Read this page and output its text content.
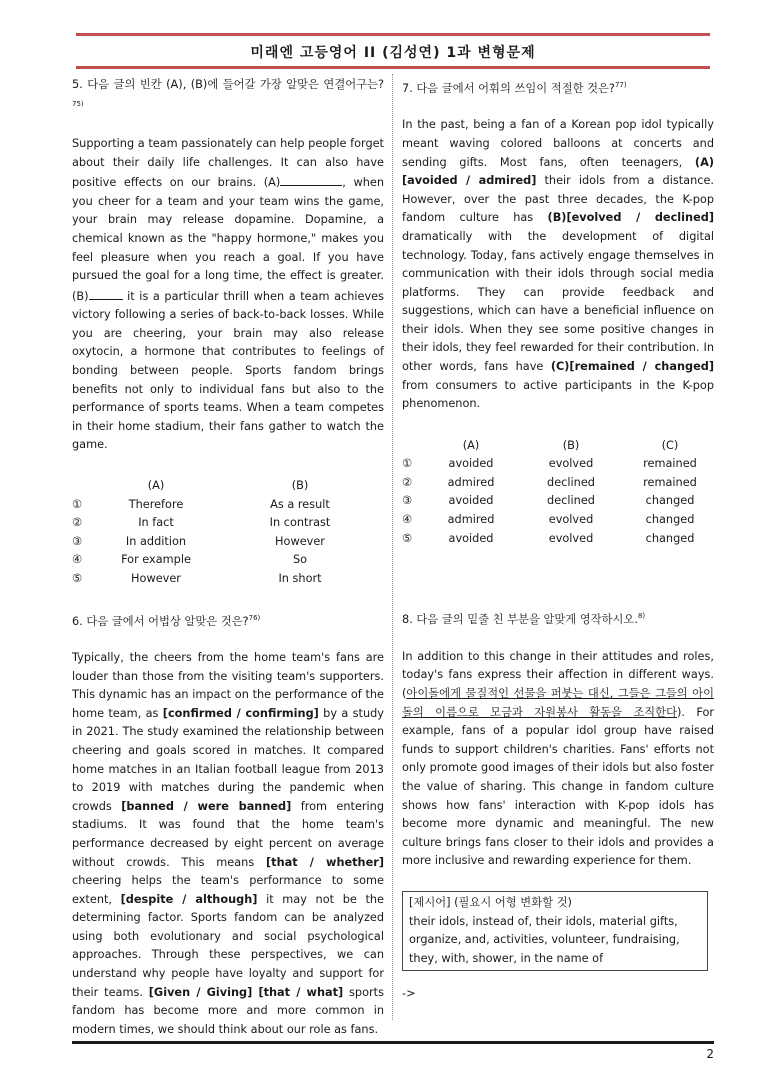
미래엔 고등영어 II (김성연) 1과 변형문제

5. 다음 글의 빈칸 (A), (B)에 들어갈 가장 알맞은 연결어구는?$^{75)}$

Supporting a team passionately can help people forget about their daily life challenges. It can also have positive effects on our brains. (A)	, when you cheer for a team and your team wins the game, your brain may release dopamine. Dopamine, a chemical known as the "happy hormone," makes you feel pleasure when you reach a goal. If you have pursued the goal for a long time, the effect is greater. (B)	it is a particular thrill when a team achieves victory following a series of back-to-back losses. While you are cheering, your brain may also release oxytocin, a hormone that contributes to feelings of bonding between people. Sports fandom brings benefits not only to individual fans but also to the performance of sports teams. When a team competes in their home stadium, their fans gather to watch the game.

	(A)	(B)
①	Therefore	As a result
②	In fact	In contrast
③	In addition	However
④	For example	So
⑤	However	In short

6. 다음 글에서 어법상 알맞은 것은?$^{76)}$

Typically, the cheers from the home team's fans are louder than those from the visiting team's supporters. This dynamic has an impact on the performance of the home team, as [confirmed / confirming] by a study in 2021. The study examined the relationship between cheering and goals scored in matches. It compared home matches in an Italian football league from 2013 to 2019 with matches during the pandemic when crowds [banned / were banned] from entering stadiums. It was found that the home team's performance decreased by eight percent on average without crowds. This means [that / whether] cheering helps the team's performance to some extent, [despite / although] it may not be the determining factor. Sports fandom can be analyzed using both evolutionary and social psychological approaches. Through these perspectives, we can understand why people have loyalty and support for their teams. [Given / Giving] [that / what] sports fandom has become more and more common in modern times, we should think about our role as fans.

7. 다음 글에서 어휘의 쓰임이 적절한 것은?$^{77)}$

In the past, being a fan of a Korean pop idol typically meant waving colored balloons at concerts and sending gifts. Most fans, often teenagers, (A)[avoided / admired] their idols from a distance. However, over the past three decades, the K-pop fandom culture has (B)[evolved / declined] dramatically with the development of digital technology. Today, fans actively engage themselves in communication with their idols through social media platforms. They can provide feedback and suggestions, which can have a beneficial influence on their idols. When they see some positive changes in their idols, they feel rewarded for their contribution. In other words, fans have (C)[remained / changed] from consumers to active participants in the K-pop phenomenon.

	(A)	(B)	(C)
①	avoided	evolved	remained
②	admired	declined	remained
③	avoided	declined	changed
④	admired	evolved	changed
⑤	avoided	evolved	changed

8. 다음 글의 밑줄 친 부분을 알맞게 영작하시오.$^{8)}$

In addition to this change in their attitudes and roles, today's fans express their affection in different ways. (아이돌에게 물질적인 선물을 퍼붓는 대신, 그들은 그들의 아이돌의 이름으로 모금과 자원봉사 활동을 조직한다). For example, fans of a popular idol group have raised funds to support children's charities. Fans' efforts not only promote good images of their idols but also foster the value of sharing. This change in fandom culture shows how fans' interaction with K-pop idols has become more dynamic and meaningful. The new culture brings fans closer to their idols and provides a more inclusive and rewarding experience for them.

[제시어] (필요시 어형 변화할 것)
their idols, instead of, their idols, material gifts, organize, and, activities, volunteer, fundraising, they, with, shower, in the name of
->
2
